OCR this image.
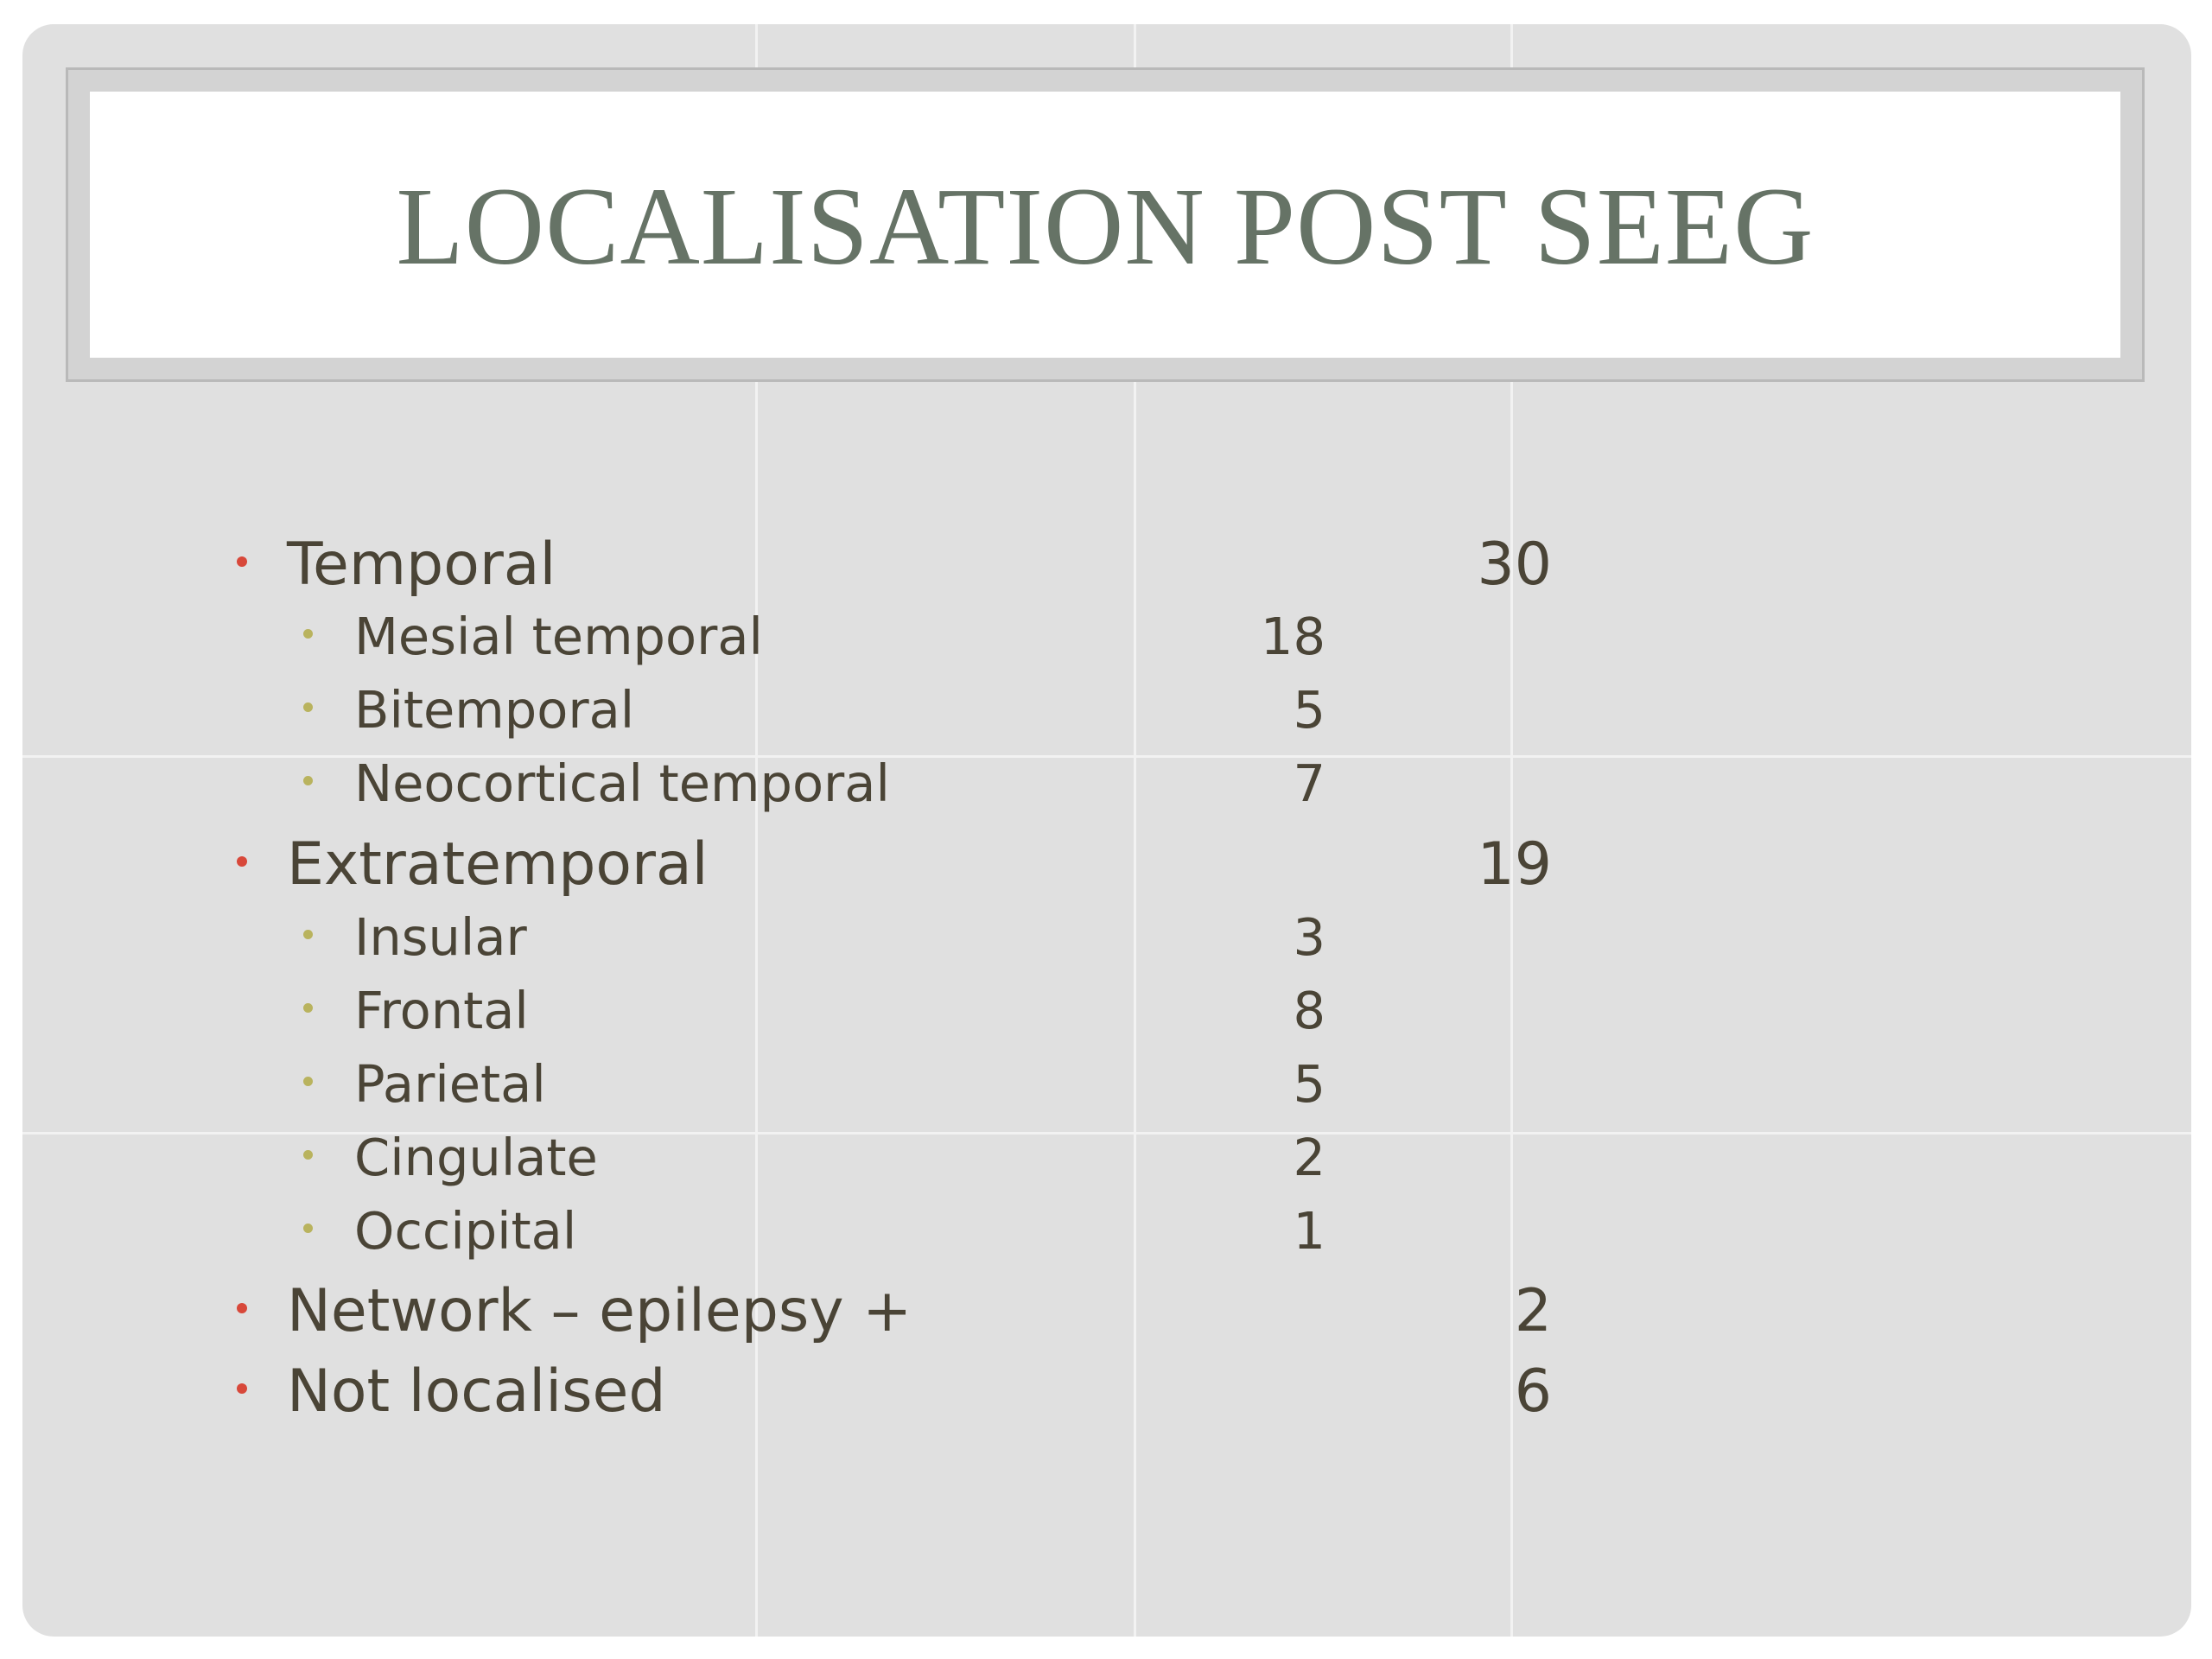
LOCALISATION POST SEEG
Temporal	30
Mesial temporal	18
Bitemporal	5
Neocortical temporal	7
Extratemporal	19
Insular	3
Frontal	8
Parietal	5
Cingulate	2
Occipital	1
Network – epilepsy +	2
Not localised	6
